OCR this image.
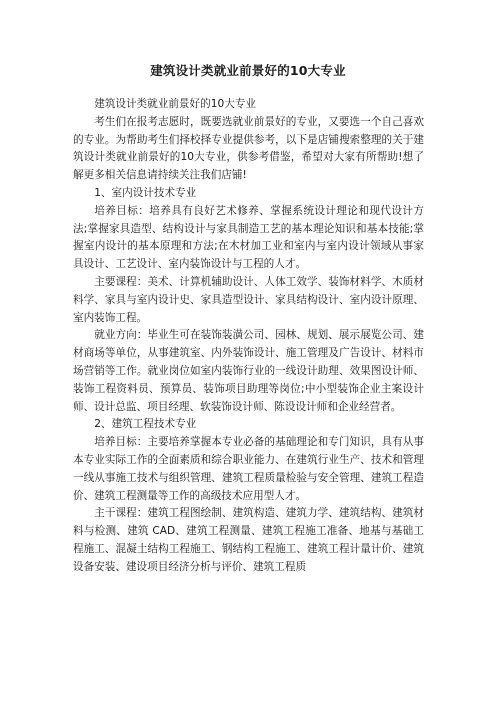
建筑设计类就业前景好的10大专业

建筑设计类就业前景好的10大专业

考生们在报考志愿时，既要选就业前景好的专业，又要选一个自己喜欢的专业。为帮助考生们择校择专业提供参考，以下是店铺搜索整理的关于建筑设计类就业前景好的10大专业，供参考借鉴，希望对大家有所帮助!想了解更多相关信息请持续关注我们店铺!

1、室内设计技术专业

培养目标：培养具有良好艺术修养、掌握系统设计理论和现代设计方法;掌握家具造型、结构设计与家具制造工艺的基本理论知识和基本技能;掌握室内设计的基本原理和方法;在木材加工业和室内与室内设计领域从事家具设计、工艺设计、室内装饰设计与工程的人才。

主要课程：美术、计算机辅助设计、人体工效学、装饰材料学、木质材料学、家具与室内设计史、家具造型设计、家具结构设计、室内设计原理、室内装饰工程。

就业方向：毕业生可在装饰装潢公司、园林、规划、展示展览公司、建材商场等单位，从事建筑室、内外装饰设计、施工管理及广告设计、材料市场营销等工作。就业岗位如室内装饰行业的一线设计助理、效果图设计师、装饰工程资料员、预算员、装饰项目助理等岗位;中小型装饰企业主案设计师、设计总监、项目经理、软装饰设计师、陈设设计师和企业经营者。

2、建筑工程技术专业

培养目标：主要培养掌握本专业必备的基础理论和专门知识，具有从事本专业实际工作的全面素质和综合职业能力、在建筑行业生产、技术和管理一线从事施工技术与组织管理、建筑工程质量检验与安全管理、建筑工程造价、建筑工程测量等工作的高级技术应用型人才。

主干课程：建筑工程图绘制、建筑构造、建筑力学、建筑结构、建筑材料与检测、建筑 CAD、建筑工程测量、建筑工程施工准备、地基与基础工程施工、混凝土结构工程施工、钢结构工程施工、建筑工程计量计价、建筑设备安装、建设项目经济分析与评价、建筑工程质
